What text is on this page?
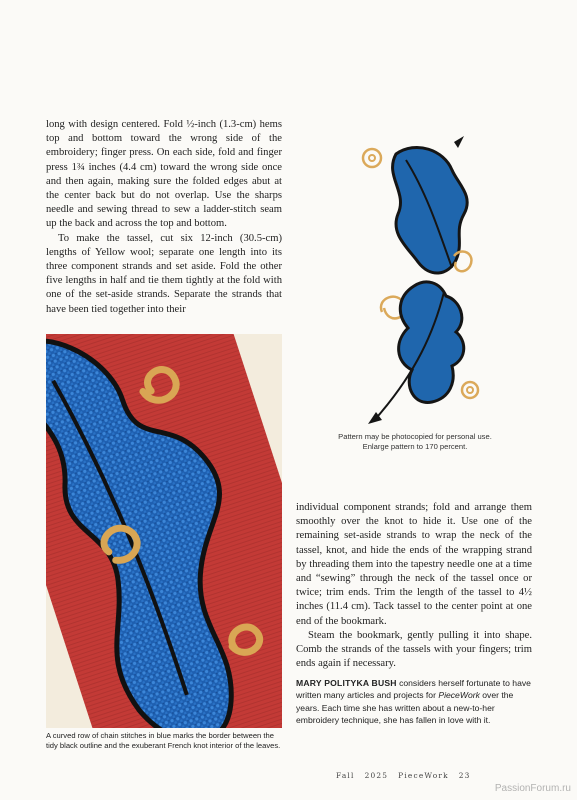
long with design centered. Fold ½-inch (1.3-cm) hems top and bottom toward the wrong side of the embroidery; finger press. On each side, fold and finger press 1¾ inches (4.4 cm) toward the wrong side once and then again, making sure the folded edges abut at the center back but do not overlap. Use the sharps needle and sewing thread to sew a ladder-stitch seam up the back and across the top and bottom.

To make the tassel, cut six 12-inch (30.5-cm) lengths of Yellow wool; separate one length into its three component strands and set aside. Fold the other five lengths in half and tie them tightly at the fold with one of the set-aside strands. Separate the strands that have been tied together into their

A curved row of chain stitches in blue marks the border between the tidy black outline and the exuberant French knot interior of the leaves.
Pattern may be photocopied for personal use.
Enlarge pattern to 170 percent.

individual component strands; fold and arrange them smoothly over the knot to hide it. Use one of the remaining set-aside strands to wrap the neck of the tassel, knot, and hide the ends of the wrapping strand by threading them into the tapestry needle one at a time and “sewing” through the neck of the tassel once or twice; trim ends. Trim the length of the tassel to 4½ inches (11.4 cm). Tack tassel to the center point at one end of the bookmark.

Steam the bookmark, gently pulling it into shape. Comb the strands of the tassels with your fingers; trim ends again if necessary.

MARY POLITYKA BUSH considers herself fortunate to have written many articles and projects for PieceWork over the years. Each time she has written about a new-to-her embroidery technique, she has fallen in love with it.
Fall 2025 PieceWork 23
PassionForum.ru
